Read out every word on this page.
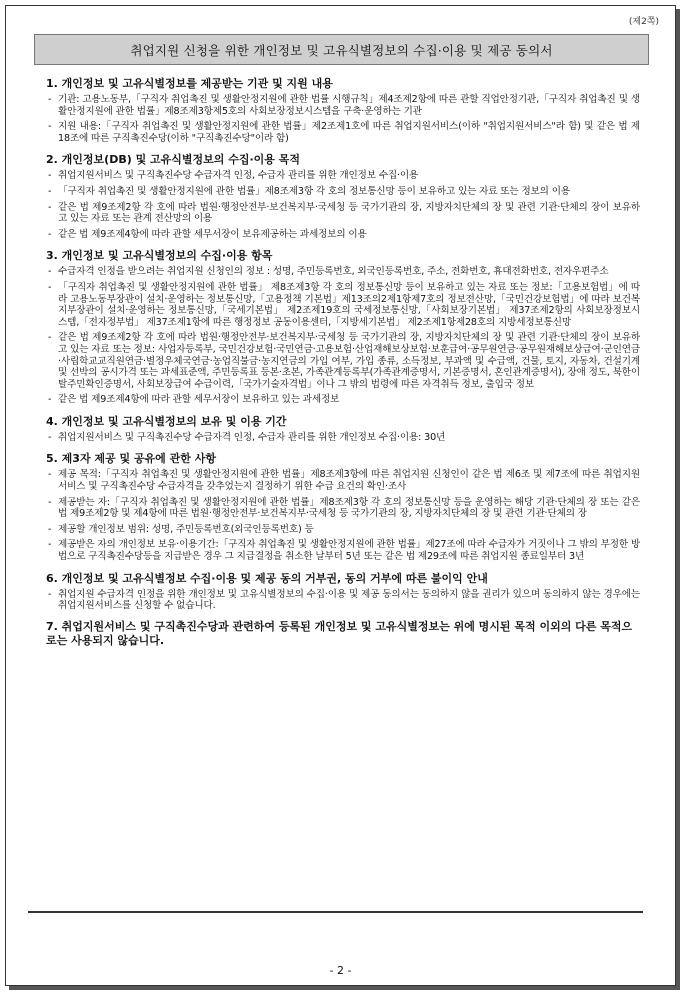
(제2쪽)
취업지원 신청을 위한 개인정보 및 고유식별정보의 수집·이용 및 제공 동의서
1. 개인정보 및 고유식별정보를 제공받는 기관 및 지원 내용
- 기관: 고용노동부,「구직자 취업촉진 및 생활안정지원에 관한 법률 시행규칙」제4조제2항에 따른 관할 직업안정기관,「구직자 취업촉진 및 생활안정지원에 관한 법률」제8조제3항제5호의 사회보장정보시스템을 구축·운영하는 기관
- 지원 내용:「구직자 취업촉진 및 생활안정지원에 관한 법률」제2조제1호에 따른 취업지원서비스(이하 "취업지원서비스"라 함) 및 같은 법 제18조에 따른 구직촉진수당(이하 "구직촉진수당"이라 함)
2. 개인정보(DB) 및 고유식별정보의 수집·이용 목적
- 취업지원서비스 및 구직촉진수당 수급자격 인정, 수급자 관리를 위한 개인정보 수집·이용
- 「구직자 취업촉진 및 생활안정지원에 관한 법률」제8조제3항 각 호의 정보통신망 등이 보유하고 있는 자료 또는 정보의 이용
- 같은 법 제9조제2항 각 호에 따라 법원·행정안전부·보건복지부·국세청 등 국가기관의 장, 지방자치단체의 장 및 관련 기관·단체의 장이 보유하고 있는 자료 또는 관계 전산망의 이용
- 같은 법 제9조제4항에 따라 관할 세무서장이 보유제공하는 과세정보의 이용
3. 개인정보 및 고유식별정보의 수집·이용 항목
- 수급자격 인정을 받으려는 취업지원 신청인의 정보 : 성명, 주민등록번호, 외국인등록번호, 주소, 전화번호, 휴대전화번호, 전자우편주소
- 「구직자 취업촉진 및 생활안정지원에 관한 법률」 제8조제3항 각 호의 정보통신망 등이 보유하고 있는 자료 또는 정보:「고용보험법」에 따라 고용노동부장관이 설치·운영하는 정보통신망,「고용정책 기본법」제13조의2제1항제7호의 정보전산망,「국민건강보험법」에 따라 보건복지부장관이 설치·운영하는 정보통신망,「국세기본법」 제2조제19호의 국세정보통신망,「사회보장기본법」 제37조제2항의 사회보장정보시스템,「전자정부법」 제37조제1항에 따른 행정정보 공동이용센터,「지방세기본법」 제2조제1항제28호의 지방세정보통신망
- 같은 법 제9조제2항 각 호에 따라 법원·행정안전부·보건복지부·국세청 등 국가기관의 장, 지방자치단체의 장 및 관련 기관·단체의 장이 보유하고 있는 자료 또는 정보: 사업자등록부, 국민건강보험·국민연금·고용보험·산업재해보상보험·보훈급여·공무원연금·공무원재해보상급여·군인연금·사립학교교직원연금·별정우체국연금·농업직불금·농지연금의 가입 여부, 가입 종류, 소득정보, 부과액 및 수급액, 건물, 토지, 자동차, 건설기계 및 선박의 공시가격 또는 과세표준액, 주민등록표 등본·초본, 가족관계등록부(가족관계증명서, 기본증명서, 혼인관계증명서), 장애 정도, 북한이탈주민확인증명서, 사회보장급여 수급이력,「국가기술자격법」이나 그 밖의 법령에 따른 자격취득 정보, 출입국 정보
- 같은 법 제9조제4항에 따라 관할 세무서장이 보유하고 있는 과세정보
4. 개인정보 및 고유식별정보의 보유 및 이용 기간
- 취업지원서비스 및 구직촉진수당 수급자격 인정, 수급자 관리를 위한 개인정보 수집·이용: 30년
5. 제3자 제공 및 공유에 관한 사항
- 제공 목적:「구직자 취업촉진 및 생활안정지원에 관한 법률」제8조제3항에 따른 취업지원 신청인이 같은 법 제6조 및 제7조에 따른 취업지원서비스 및 구직촉진수당 수급자격을 갖추었는지 결정하기 위한 수급 요건의 확인·조사
- 제공받는 자:「구직자 취업촉진 및 생활안정지원에 관한 법률」제8조제3항 각 호의 정보통신망 등을 운영하는 해당 기관·단체의 장 또는 같은 법 제9조제2항 및 제4항에 따른 법원·행정안전부·보건복지부·국세청 등 국가기관의 장, 지방자치단체의 장 및 관련 기관·단체의 장
- 제공할 개인정보 범위: 성명, 주민등록번호(외국인등록번호) 등
- 제공받은 자의 개인정보 보유·이용기간:「구직자 취업촉진 및 생활안정지원에 관한 법률」제27조에 따라 수급자가 거짓이나 그 밖의 부정한 방법으로 구직촉진수당등을 지급받은 경우 그 지급결정을 취소한 날부터 5년 또는 같은 법 제29조에 따른 취업지원 종료일부터 3년
6. 개인정보 및 고유식별정보 수집·이용 및 제공 동의 거부권, 동의 거부에 따른 불이익 안내
- 취업지원 수급자격 인정을 위한 개인정보 및 고유식별정보의 수집·이용 및 제공 동의서는 동의하지 않을 권리가 있으며 동의하지 않는 경우에는 취업지원서비스를 신청할 수 없습니다.
7. 취업지원서비스 및 구직촉진수당과 관련하여 등록된 개인정보 및 고유식별정보는 위에 명시된 목적 이외의 다른 목적으로는 사용되지 않습니다.
- 2 -
